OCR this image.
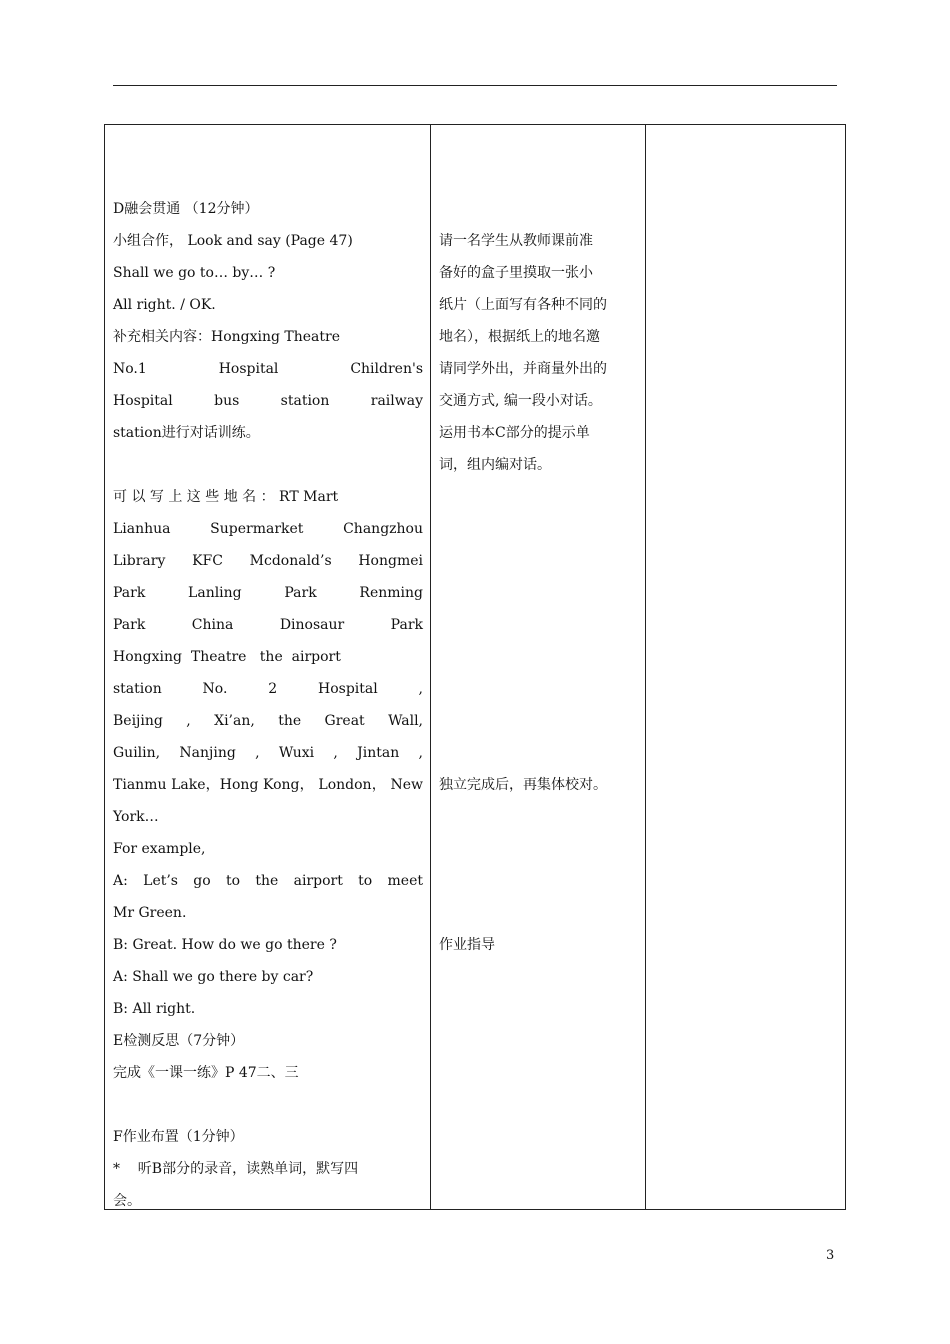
D融会贯通 （12分钟）
小组合作， Look and say (Page 47)
Shall we go to… by… ?
All right. / OK.
补充相关内容：Hongxing Theatre
No.1 Hospital Children's
Hospital bus station railway
station进行对话训练。
可 以 写 上 这 些 地 名 ： RT Mart
Lianhua Supermarket Changzhou
Library KFC Mcdonald’s Hongmei
Park Lanling Park Renming
Park China Dinosaur Park
Hongxing  Theatre   the  airport
station No. 2 Hospital ,
Beijing , Xi’an, the Great Wall,
Guilin, Nanjing , Wuxi , Jintan ,
Tianmu Lake，Hong Kong， London， New
York…
For example,
A: Let’s go to the airport to meet
Mr Green.
B: Great. How do we go there ?
A: Shall we go there by car?
B: All right.
E检测反思（7分钟）
完成《一课一练》P 47二、三
F作业布置（1分钟）
*    听B部分的录音，读熟单词，默写四
会。
请一名学生从教师课前准
备好的盒子里摸取一张小
纸片（上面写有各种不同的
地名），根据纸上的地名邀
请同学外出，并商量外出的
交通方式, 编一段小对话。
运用书本C部分的提示单
词，组内编对话。
独立完成后，再集体校对。
作业指导
3
